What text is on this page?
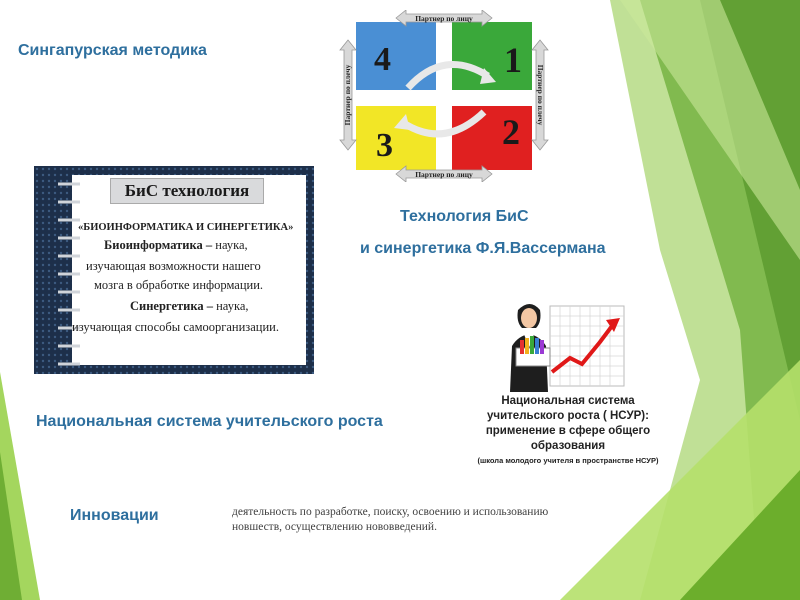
Сингапурская методика	4	1
3	2
Партнер по лицу
Партнер по лицу
Партнер по плечу	Партнер по плечу
БиС технология
«БИОИНФОРМАТИКА И СИНЕРГЕТИКА»
Биоинформатика – наука,
изучающая возможности нашего
мозга в обработке информации.
Синергетика – наука,
изучающая способы самоорганизации.
Технология БиС
и синергетика Ф.Я.Вассермана
Национальная система
учительского роста ( НСУР):
применение в сфере общего
образования
(школа молодого учителя в пространстве НСУР)
Национальная система учительского роста
Инновации	деятельность по разработке, поиску, освоению и использованию
новшеств, осуществлению нововведений.
